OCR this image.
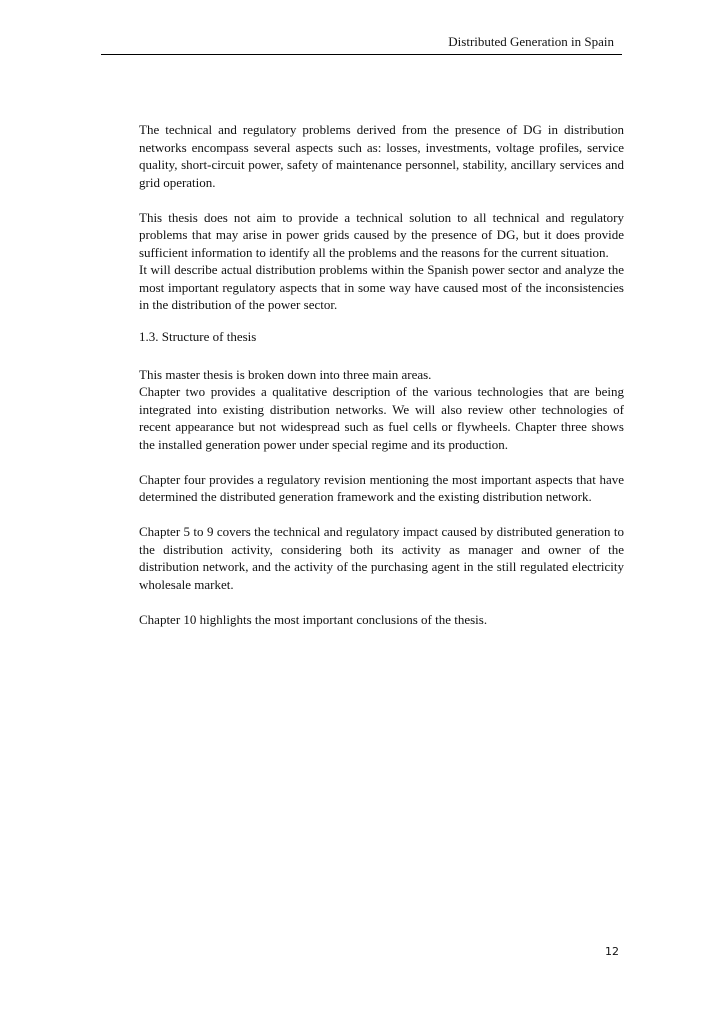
Distributed Generation in Spain

The technical and regulatory problems derived from the presence of DG in distribution networks encompass several aspects such as: losses, investments, voltage profiles, service quality, short-circuit power, safety of maintenance personnel, stability, ancillary services and grid operation.

This thesis does not aim to provide a technical solution to all technical and regulatory problems that may arise in power grids caused by the presence of DG, but it does provide sufficient information to identify all the problems and the reasons for the current situation.

It will describe actual distribution problems within the Spanish power sector and analyze the most important regulatory aspects that in some way have caused most of the inconsistencies in the distribution of the power sector.

1.3. Structure of thesis

This master thesis is broken down into three main areas.

Chapter two provides a qualitative description of the various technologies that are being integrated into existing distribution networks. We will also review other technologies of recent appearance but not widespread such as fuel cells or flywheels. Chapter three shows the installed generation power under special regime and its production.

Chapter four provides a regulatory revision mentioning the most important aspects that have determined the distributed generation framework and the existing distribution network.

Chapter 5 to 9 covers the technical and regulatory impact caused by distributed generation to the distribution activity, considering both its activity as manager and owner of the distribution network, and the activity of the purchasing agent in the still regulated electricity wholesale market.

Chapter 10 highlights the most important conclusions of the thesis.

12
